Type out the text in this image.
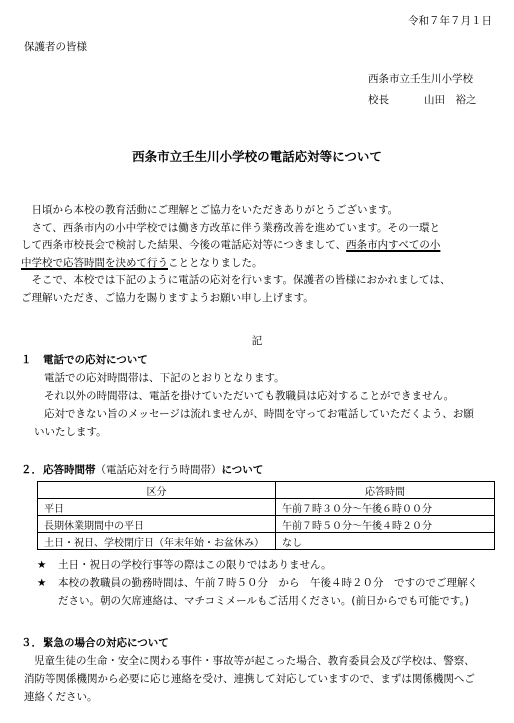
令和７年７月１日
保護者の皆様
西条市立壬生川小学校
校長	山田　裕之
西条市立壬生川小学校の電話応対等について
　日頃から本校の教育活動にご理解とご協力をいただきありがとうございます。
　さて、西条市内の小中学校では働き方改革に伴う業務改善を進めています。その一環と
して西条市校長会で検討した結果、今後の電話応対等につきまして、西条市内すべての小
中学校で応答時間を決めて行うこととなりました。
　そこで、本校では下記のように電話の応対を行います。保護者の皆様におかれましては、
ご理解いただき、ご協力を賜りますようお願い申し上げます。
記
１ 電話での応対について
電話での応対時間帯は、下記のとおりとなります。
それ以外の時間帯は、電話を掛けていただいても教職員は応対することができません。
応対できない旨のメッセージは流れませんが、時間を守ってお電話していただくよう、お願
いいたします。
２．応答時間帯（電話応対を行う時間帯）について
区分	応答時間
平日	午前７時３０分～午後６時００分
長期休業期間中の平日	午前７時５０分～午後４時２０分
土日・祝日、学校閉庁日（年末年始・お盆休み）	なし
★ 土日・祝日の学校行事等の際はこの限りではありません。
★ 本校の教職員の勤務時間は、午前７時５０分　から　午後４時２０分　ですのでご理解く
ださい。朝の欠席連絡は、マチコミメールもご活用ください。(前日からでも可能です。)
３．緊急の場合の対応について
児童生徒の生命・安全に関わる事件・事故等が起こった場合、教育委員会及び学校は、警察、
消防等関係機関から必要に応じ連絡を受け、連携して対応していますので、まずは関係機関へご
連絡ください。
